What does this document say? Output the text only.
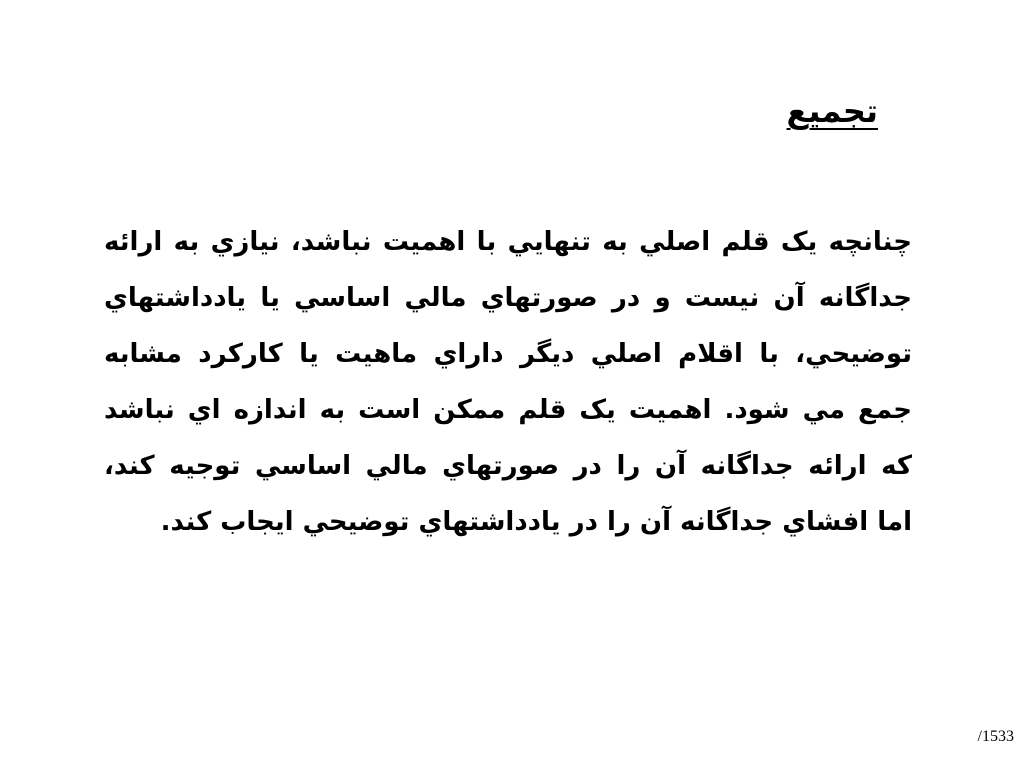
تجميع
چنانچه یک قلم اصلي به تنهايي با اهميت نباشد، نيازي به ارائه
جداگانه آن نيست و در صورتهاي مالي اساسي يا يادداشتهاي
توضيحي، با اقلام اصلي ديگر داراي ماهيت يا كاركرد مشابه
جمع مي شود. اهميت يک قلم ممكن است به اندازه اي نباشد
كه ارائه جداگانه آن را در صورتهاي مالي اساسي توجيه كند،
اما افشاي جداگانه آن را در يادداشتهاي توضيحي ايجاب كند.
/1533
